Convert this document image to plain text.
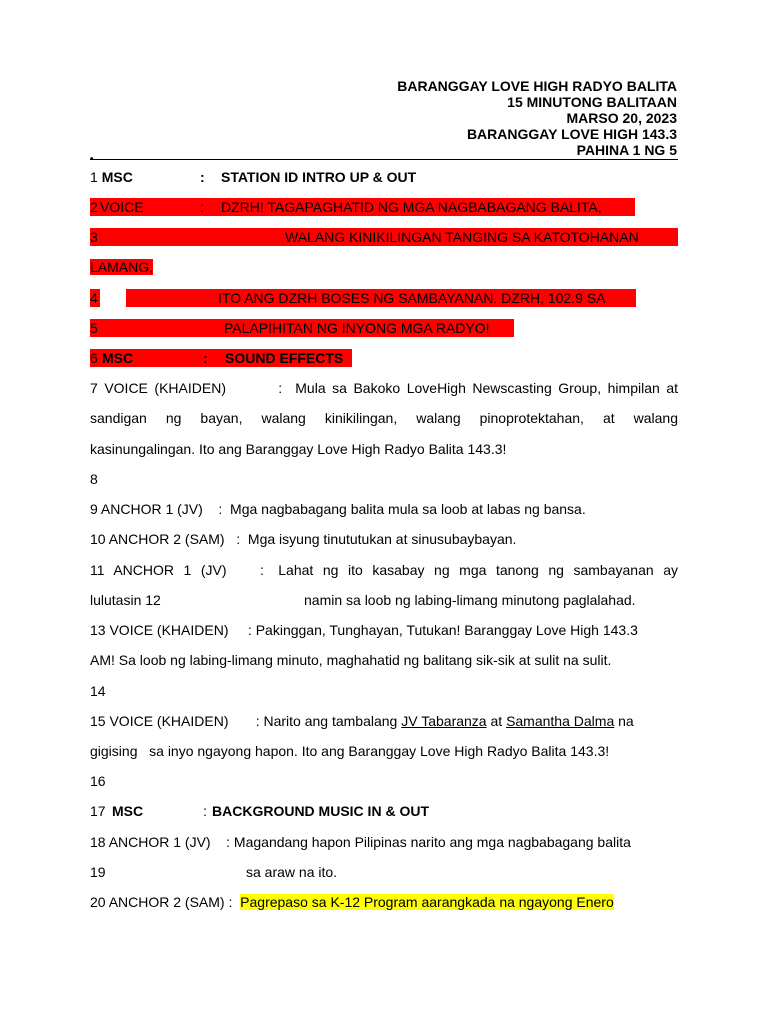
BARANGGAY LOVE HIGH RADYO BALITA
15 MINUTONG BALITAAN
MARSO 20, 2023
BARANGGAY LOVE HIGH 143.3
PAHINA 1 NG 5
•
1 MSC	: STATION ID INTRO UP & OUT
2 VOICE	: DZRH! TAGAPAGHATID NG MGA NAGBABAGANG BALITA,
3	WALANG KINIKILINGAN TANGING SA KATOTOHANAN
LAMANG,
4	ITO ANG DZRH BOSES NG SAMBAYANAN. DZRH, 102.9 SA
5	PALAPIHITAN NG INYONG MGA RADYO!
6 MSC	: SOUND EFFECTS
7 VOICE (KHAIDEN)        :  Mula sa Bakoko LoveHigh Newscasting Group, himpilan at
sandigan ng bayan, walang kinikilingan, walang pinoprotektahan, at walang
kasinungalingan. Ito ang Baranggay Love High Radyo Balita 143.3!
8
9 ANCHOR 1 (JV)    :  Mga nagbabagang balita mula sa loob at labas ng bansa.
10 ANCHOR 2 (SAM)   :  Mga isyung tinututukan at sinusubaybayan.
11  ANCHOR  1  (JV)       :   Lahat  ng  ito  kasabay  ng  mga  tanong  ng  sambayanan  ay
lulutasin 12	namin sa loob ng labing-limang minutong paglalahad.
13 VOICE (KHAIDEN)     : Pakinggan, Tunghayan, Tutukan! Baranggay Love High 143.3
AM! Sa loob ng labing-limang minuto, maghahatid ng balitang sik-sik at sulit na sulit.
14
15 VOICE (KHAIDEN)       : Narito ang tambalang JV Tabaranza at Samantha Dalma na
gigising   sa inyo ngayong hapon. Ito ang Baranggay Love High Radyo Balita 143.3!
16
17 MSC	: BACKGROUND MUSIC IN & OUT
18 ANCHOR 1 (JV)    : Magandang hapon Pilipinas narito ang mga nagbabagang balita
19	sa araw na ito.
20 ANCHOR 2 (SAM) :  Pagrepaso sa K-12 Program aarangkada na ngayong Enero
